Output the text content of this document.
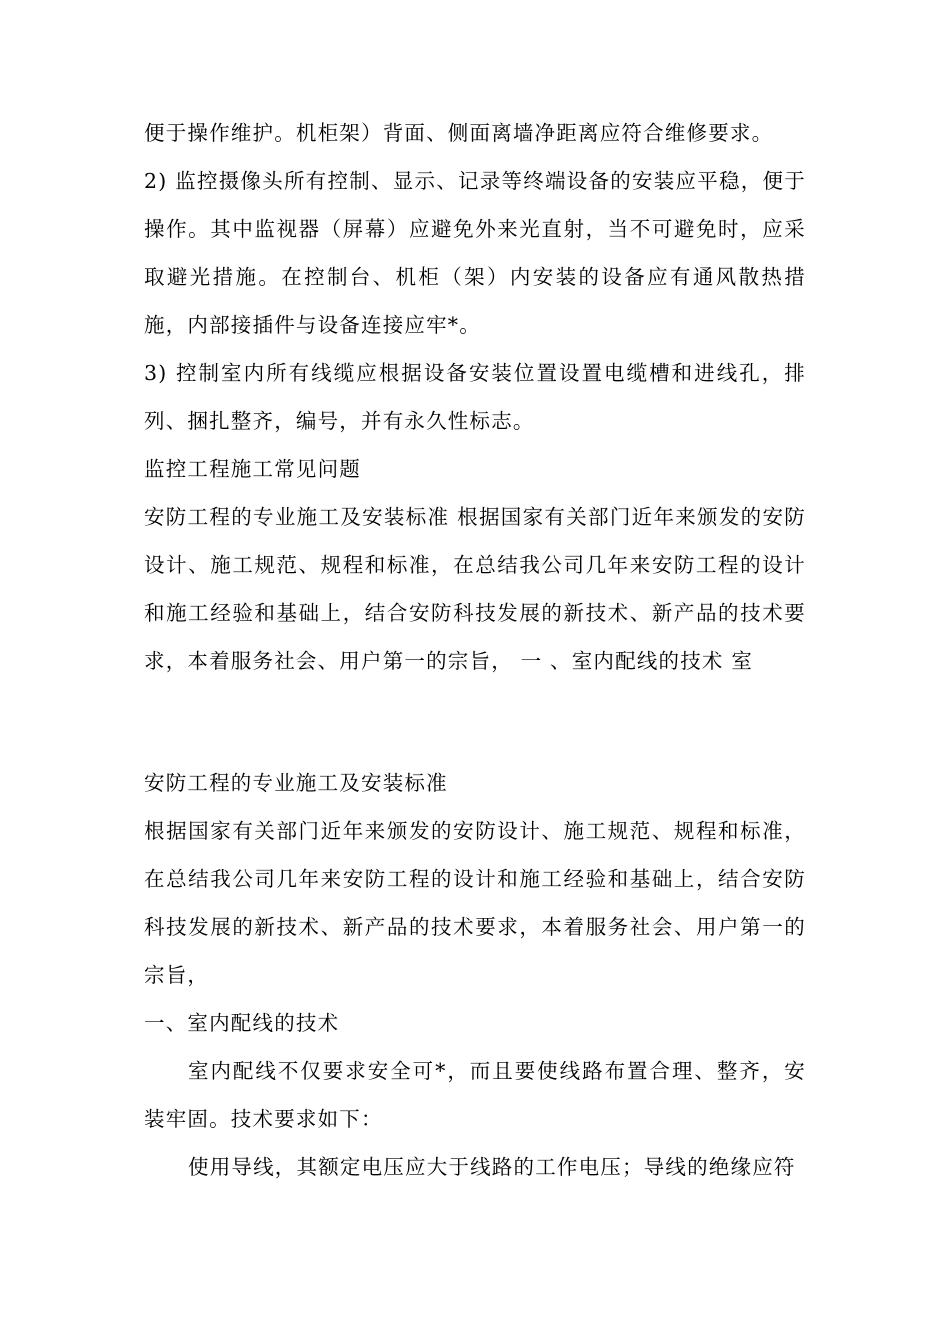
便于操作维护。机柜架）背面、侧面离墙净距离应符合维修要求。

2) 监控摄像头所有控制、显示、记录等终端设备的安装应平稳，便于操作。其中监视器（屏幕）应避免外来光直射，当不可避免时，应采取避光措施。在控制台、机柜（架）内安装的设备应有通风散热措施，内部接插件与设备连接应牢*。

3) 控制室内所有线缆应根据设备安装位置设置电缆槽和进线孔，排列、捆扎整齐，编号，并有永久性标志。

监控工程施工常见问题

安防工程的专业施工及安装标准 根据国家有关部门近年来颁发的安防设计、施工规范、规程和标准，在总结我公司几年来安防工程的设计和施工经验和基础上，结合安防科技发展的新技术、新产品的技术要求，本着服务社会、用户第一的宗旨， 一 、室内配线的技术 室

安防工程的专业施工及安装标准

根据国家有关部门近年来颁发的安防设计、施工规范、规程和标准，在总结我公司几年来安防工程的设计和施工经验和基础上，结合安防科技发展的新技术、新产品的技术要求，本着服务社会、用户第一的宗旨，

一、室内配线的技术

室内配线不仅要求安全可*，而且要使线路布置合理、整齐，安装牢固。技术要求如下：

使用导线，其额定电压应大于线路的工作电压；导线的绝缘应符
